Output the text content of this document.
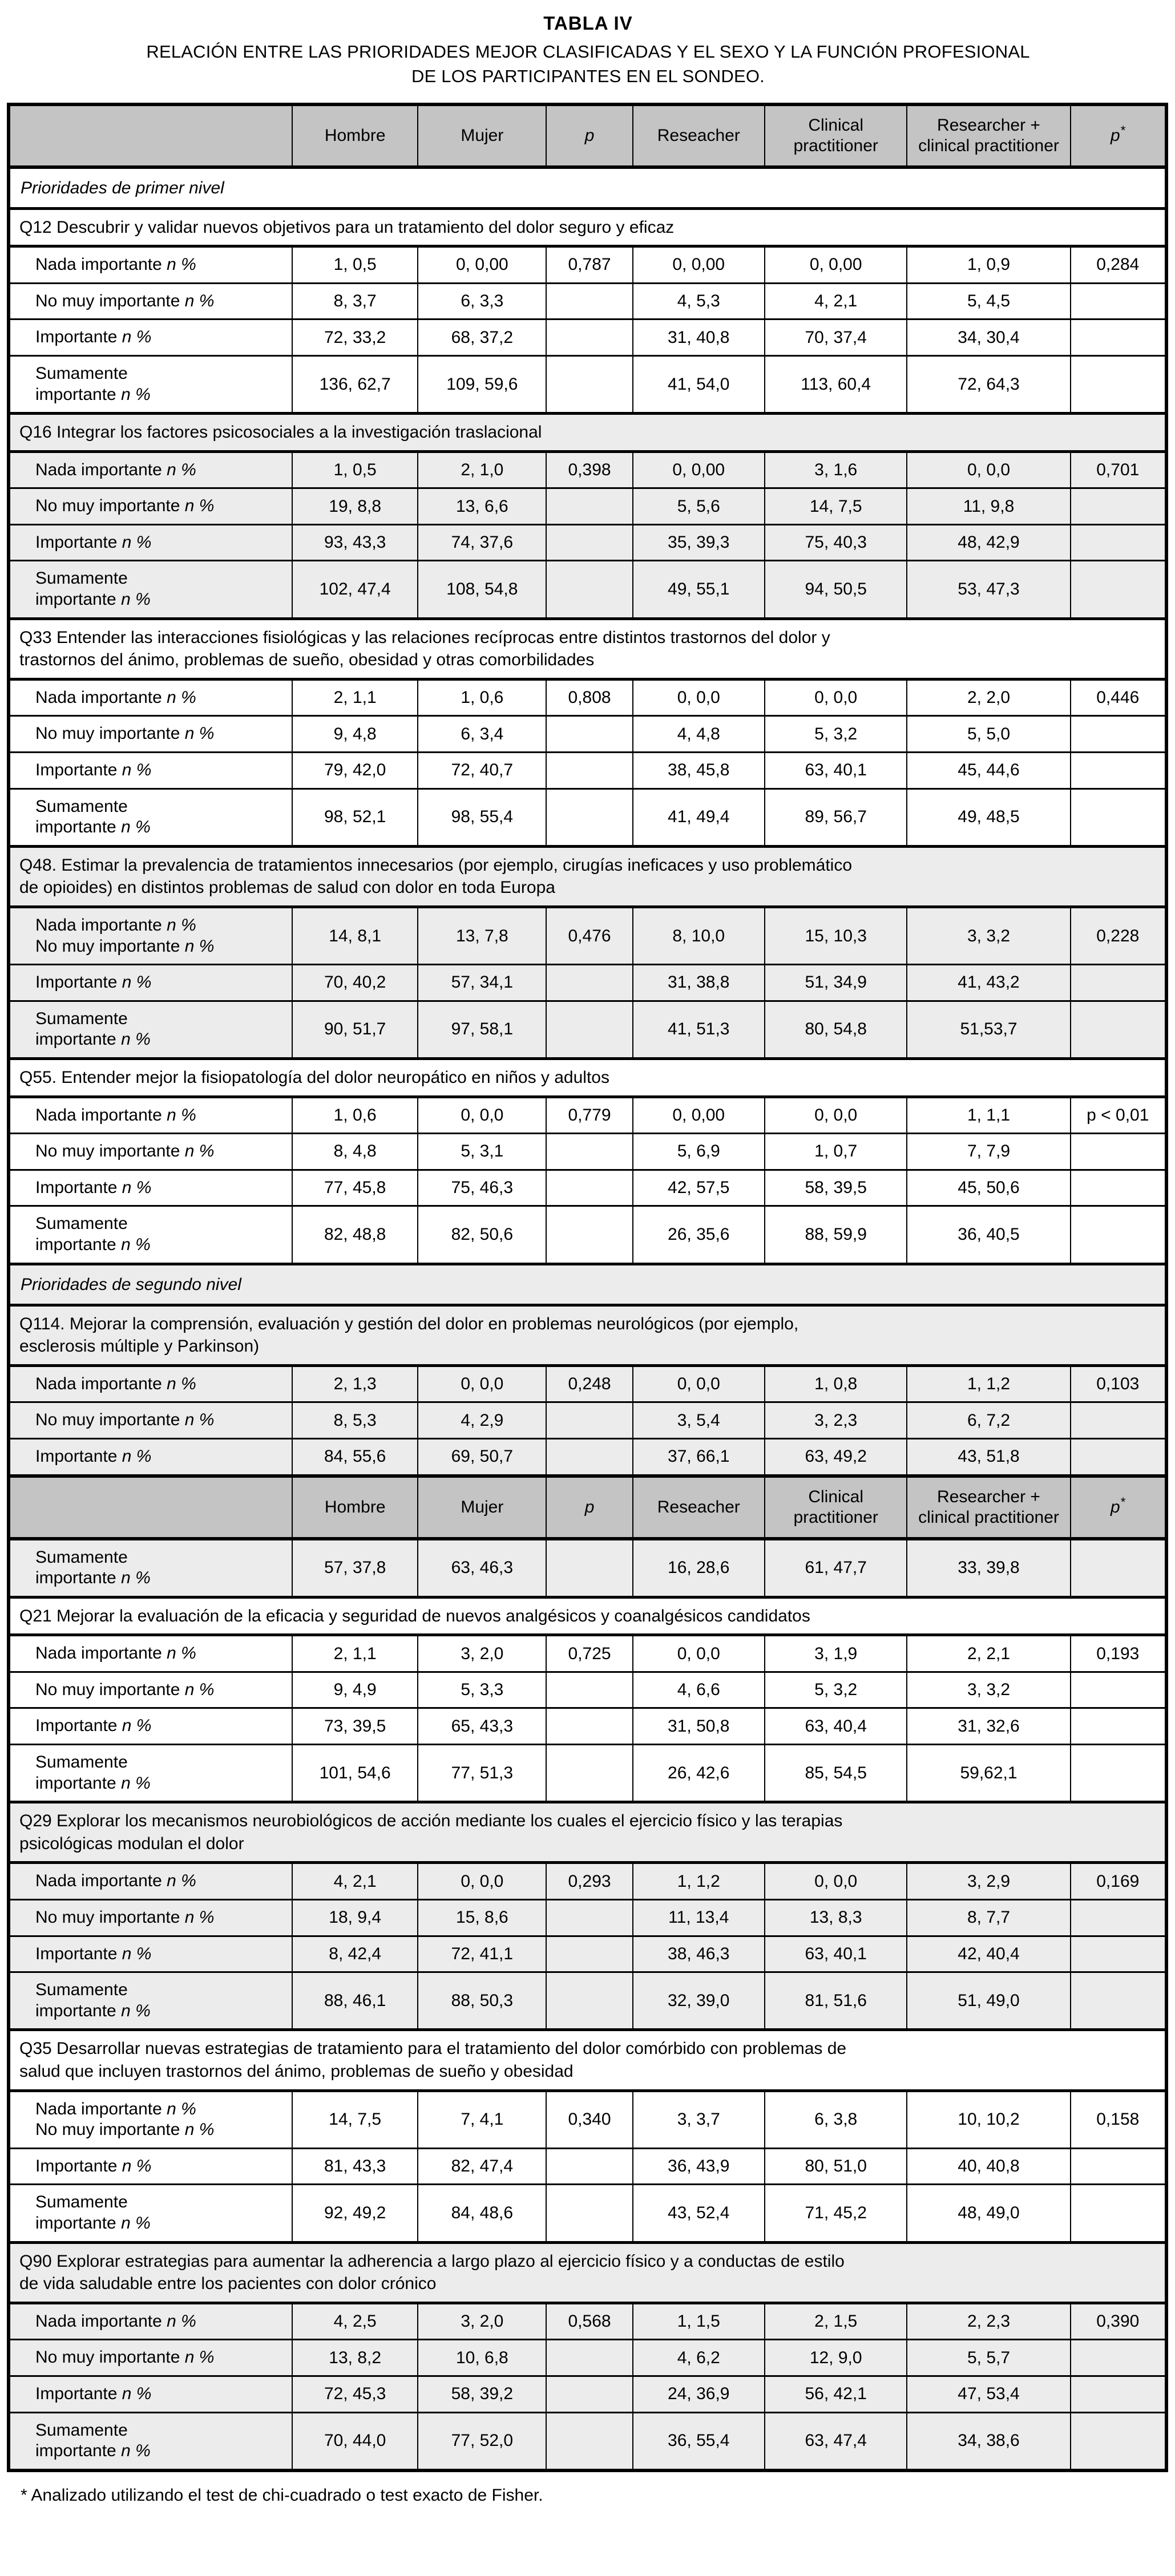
TABLA IV
RELACIÓN ENTRE LAS PRIORIDADES MEJOR CLASIFICADAS Y EL SEXO Y LA FUNCIÓN PROFESIONAL
DE LOS PARTICIPANTES EN EL SONDEO.
	Hombre	Mujer	p	Reseacher	Clinical practitioner	Researcher + clinical practitioner	p*
Prioridades de primer nivel							

Q12 Descubrir y validar nuevos objetivos para un tratamiento del dolor seguro y eficaz							

Nada importante n %	1, 0,5	0, 0,00	0,787	0, 0,00	0, 0,00	1, 0,9	0,284

No muy importante n %	8, 3,7	6, 3,3		4, 5,3	4, 2,1	5, 4,5	

Importante n %	72, 33,2	68, 37,2		31, 40,8	70, 37,4	34, 30,4	

Sumamente
importante n %	136, 62,7	109, 59,6		41, 54,0	113, 60,4	72, 64,3	

Q16 Integrar los factores psicosociales a la investigación traslacional							

Nada importante n %	1, 0,5	2, 1,0	0,398	0, 0,00	3, 1,6	0, 0,0	0,701

No muy importante n %	19, 8,8	13, 6,6		5, 5,6	14, 7,5	11, 9,8	

Importante n %	93, 43,3	74, 37,6		35, 39,3	75, 40,3	48, 42,9	

Sumamente
importante n %	102, 47,4	108, 54,8		49, 55,1	94, 50,5	53, 47,3	

Q33 Entender las interacciones fisiológicas y las relaciones recíprocas entre distintos trastornos del dolor y
trastornos del ánimo, problemas de sueño, obesidad y otras comorbilidades							

Nada importante n %	2, 1,1	1, 0,6	0,808	0, 0,0	0, 0,0	2, 2,0	0,446

No muy importante n %	9, 4,8	6, 3,4		4, 4,8	5, 3,2	5, 5,0	

Importante n %	79, 42,0	72, 40,7		38, 45,8	63, 40,1	45, 44,6	

Sumamente
importante n %	98, 52,1	98, 55,4		41, 49,4	89, 56,7	49, 48,5	

Q48. Estimar la prevalencia de tratamientos innecesarios (por ejemplo, cirugías ineficaces y uso problemático
de opioides) en distintos problemas de salud con dolor en toda Europa							

Nada importante n %
No muy importante n %	14, 8,1	13, 7,8	0,476	8, 10,0	15, 10,3	3, 3,2	0,228

Importante n %	70, 40,2	57, 34,1		31, 38,8	51, 34,9	41, 43,2	

Sumamente
importante n %	90, 51,7	97, 58,1		41, 51,3	80, 54,8	51,53,7	

Q55. Entender mejor la fisiopatología del dolor neuropático en niños y adultos							

Nada importante n %	1, 0,6	0, 0,0	0,779	0, 0,00	0, 0,0	1, 1,1	p < 0,01

No muy importante n %	8, 4,8	5, 3,1		5, 6,9	1, 0,7	7, 7,9	

Importante n %	77, 45,8	75, 46,3		42, 57,5	58, 39,5	45, 50,6	

Sumamente
importante n %	82, 48,8	82, 50,6		26, 35,6	88, 59,9	36, 40,5	
Prioridades de segundo nivel							

Q114. Mejorar la comprensión, evaluación y gestión del dolor en problemas neurológicos (por ejemplo,
esclerosis múltiple y Parkinson)							

Nada importante n %	2, 1,3	0, 0,0	0,248	0, 0,0	1, 0,8	1, 1,2	0,103

No muy importante n %	8, 5,3	4, 2,9		3, 5,4	3, 2,3	6, 7,2	

Importante n %	84, 55,6	69, 50,7		37, 66,1	63, 49,2	43, 51,8	
	Hombre	Mujer	p	Reseacher	Clinical practitioner	Researcher + clinical practitioner	p*

Sumamente
importante n %	57, 37,8	63, 46,3		16, 28,6	61, 47,7	33, 39,8	

Q21 Mejorar la evaluación de la eficacia y seguridad de nuevos analgésicos y coanalgésicos candidatos							

Nada importante n %	2, 1,1	3, 2,0	0,725	0, 0,0	3, 1,9	2, 2,1	0,193

No muy importante n %	9, 4,9	5, 3,3		4, 6,6	5, 3,2	3, 3,2	

Importante n %	73, 39,5	65, 43,3		31, 50,8	63, 40,4	31, 32,6	

Sumamente
importante n %	101, 54,6	77, 51,3		26, 42,6	85, 54,5	59,62,1	

Q29 Explorar los mecanismos neurobiológicos de acción mediante los cuales el ejercicio físico y las terapias
psicológicas modulan el dolor							

Nada importante n %	4, 2,1	0, 0,0	0,293	1, 1,2	0, 0,0	3, 2,9	0,169

No muy importante n %	18, 9,4	15, 8,6		11, 13,4	13, 8,3	8, 7,7	

Importante n %	8, 42,4	72, 41,1		38, 46,3	63, 40,1	42, 40,4	

Sumamente
importante n %	88, 46,1	88, 50,3		32, 39,0	81, 51,6	51, 49,0	

Q35 Desarrollar nuevas estrategias de tratamiento para el tratamiento del dolor comórbido con problemas de
salud que incluyen trastornos del ánimo, problemas de sueño y obesidad							

Nada importante n %
No muy importante n %	14, 7,5	7, 4,1	0,340	3, 3,7	6, 3,8	10, 10,2	0,158

Importante n %	81, 43,3	82, 47,4		36, 43,9	80, 51,0	40, 40,8	

Sumamente
importante n %	92, 49,2	84, 48,6		43, 52,4	71, 45,2	48, 49,0	

Q90 Explorar estrategias para aumentar la adherencia a largo plazo al ejercicio físico y a conductas de estilo
de vida saludable entre los pacientes con dolor crónico							

Nada importante n %	4, 2,5	3, 2,0	0,568	1, 1,5	2, 1,5	2, 2,3	0,390

No muy importante n %	13, 8,2	10, 6,8		4, 6,2	12, 9,0	5, 5,7	

Importante n %	72, 45,3	58, 39,2		24, 36,9	56, 42,1	47, 53,4	

Sumamente
importante n %	70, 44,0	77, 52,0		36, 55,4	63, 47,4	34, 38,6	
* Analizado utilizando el test de chi-cuadrado o test exacto de Fisher.
